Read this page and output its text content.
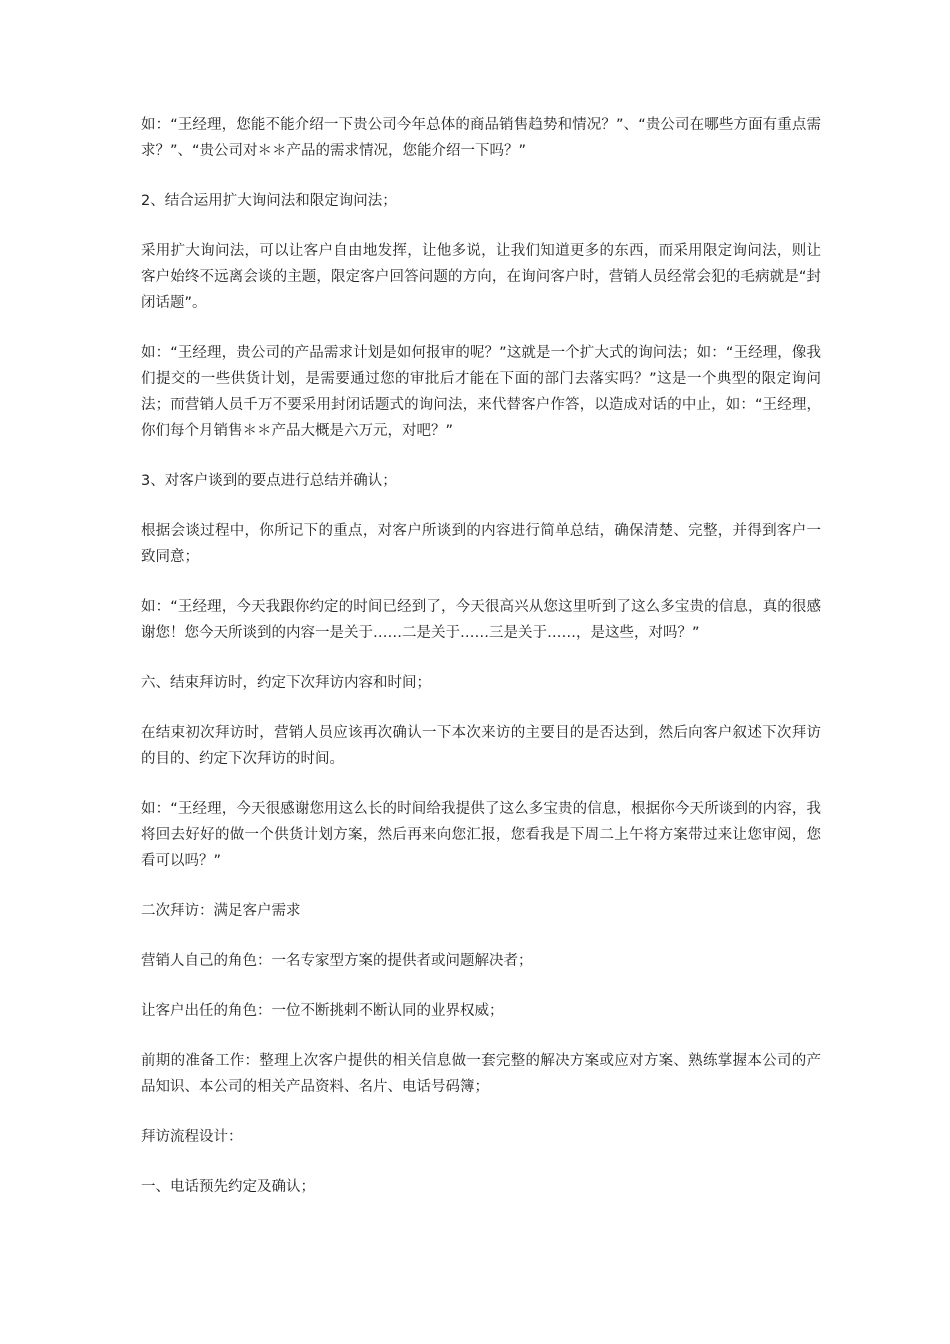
如：“王经理，您能不能介绍一下贵公司今年总体的商品销售趋势和情况？”、“贵公司在哪些方面有重点需求？”、“贵公司对＊＊产品的需求情况，您能介绍一下吗？”

2、结合运用扩大询问法和限定询问法；

采用扩大询问法，可以让客户自由地发挥，让他多说，让我们知道更多的东西，而采用限定询问法，则让客户始终不远离会谈的主题，限定客户回答问题的方向，在询问客户时，营销人员经常会犯的毛病就是“封闭话题”。

如：“王经理，贵公司的产品需求计划是如何报审的呢？”这就是一个扩大式的询问法；如：“王经理，像我们提交的一些供货计划，是需要通过您的审批后才能在下面的部门去落实吗？”这是一个典型的限定询问法；而营销人员千万不要采用封闭话题式的询问法，来代替客户作答，以造成对话的中止，如：“王经理，你们每个月销售＊＊产品大概是六万元，对吧？”

3、对客户谈到的要点进行总结并确认；

根据会谈过程中，你所记下的重点，对客户所谈到的内容进行简单总结，确保清楚、完整，并得到客户一致同意；

如：“王经理，今天我跟你约定的时间已经到了，今天很高兴从您这里听到了这么多宝贵的信息，真的很感谢您！您今天所谈到的内容一是关于……二是关于……三是关于……，是这些，对吗？”

六、结束拜访时，约定下次拜访内容和时间；

在结束初次拜访时，营销人员应该再次确认一下本次来访的主要目的是否达到，然后向客户叙述下次拜访的目的、约定下次拜访的时间。

如：“王经理，今天很感谢您用这么长的时间给我提供了这么多宝贵的信息，根据你今天所谈到的内容，我将回去好好的做一个供货计划方案，然后再来向您汇报，您看我是下周二上午将方案带过来让您审阅，您看可以吗？”

二次拜访：满足客户需求

营销人自己的角色：一名专家型方案的提供者或问题解决者；

让客户出任的角色：一位不断挑剌不断认同的业界权威；

前期的准备工作：整理上次客户提供的相关信息做一套完整的解决方案或应对方案、熟练掌握本公司的产品知识、本公司的相关产品资料、名片、电话号码簿；

拜访流程设计：

一、电话预先约定及确认；
